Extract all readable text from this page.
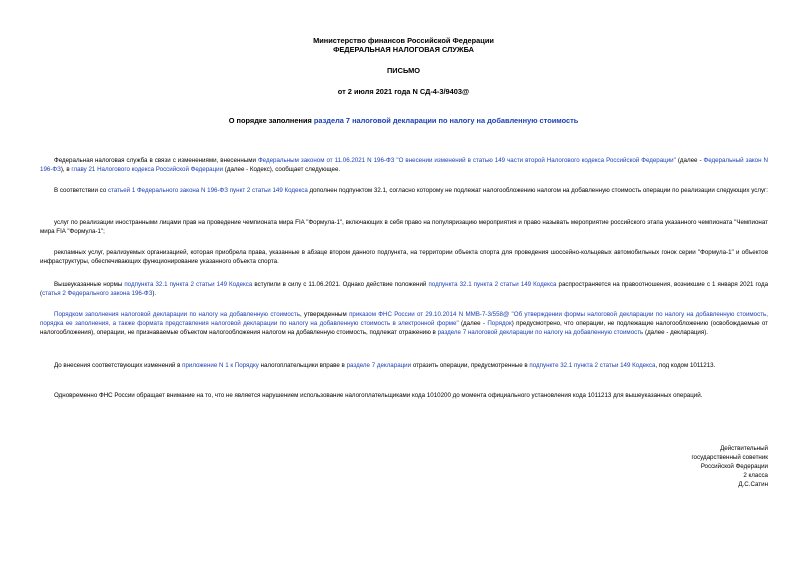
Министерство финансов Российской Федерации
ФЕДЕРАЛЬНАЯ НАЛОГОВАЯ СЛУЖБА
ПИСЬМО
от 2 июля 2021 года N СД-4-3/9403@
О порядке заполнения раздела 7 налоговой декларации по налогу на добавленную стоимость
Федеральная налоговая служба в связи с изменениями, внесенными Федеральным законом от 11.06.2021 N 196-ФЗ "О внесении изменений в статью 149 части второй Налогового кодекса Российской Федерации" (далее - Федеральный закон N 196-ФЗ), в главу 21 Налогового кодекса Российской Федерации (далее - Кодекс), сообщает следующее.
В соответствии со статьей 1 Федерального закона N 196-ФЗ пункт 2 статьи 149 Кодекса дополнен подпунктом 32.1, согласно которому не подлежат налогообложению налогом на добавленную стоимость операции по реализации следующих услуг:
услуг по реализации иностранными лицами прав на проведение чемпионата мира FIA "Формула-1", включающих в себя право на популяризацию мероприятия и право называть мероприятие российского этапа указанного чемпионата "Чемпионат мира FIA "Формула-1";
рекламных услуг, реализуемых организацией, которая приобрела права, указанные в абзаце втором данного подпункта, на территории объекта спорта для проведения шоссейно-кольцевых автомобильных гонок серии "Формула-1" и объектов инфраструктуры, обеспечивающих функционирование указанного объекта спорта.
Вышеуказанные нормы подпункта 32.1 пункта 2 статьи 149 Кодекса вступили в силу с 11.06.2021. Однако действие положений подпункта 32.1 пункта 2 статьи 149 Кодекса распространяется на правоотношения, возникшие с 1 января 2021 года (статья 2 Федерального закона 196-ФЗ).
Порядком заполнения налоговой декларации по налогу на добавленную стоимость, утвержденным приказом ФНС России от 29.10.2014 N ММВ-7-3/558@ "Об утверждении формы налоговой декларации по налогу на добавленную стоимость, порядка ее заполнения, а также формата представления налоговой декларации по налогу на добавленную стоимость в электронной форме" (далее - Порядок) предусмотрено, что операции, не подлежащие налогообложению (освобождаемые от налогообложения), операции, не признаваемые объектом налогообложения налогом на добавленную стоимость, подлежат отражению в разделе 7 налоговой декларации по налогу на добавленную стоимость (далее - декларация).
До внесения соответствующих изменений в приложение N 1 к Порядку налогоплательщики вправе в разделе 7 декларации отразить операции, предусмотренные в подпункте 32.1 пункта 2 статьи 149 Кодекса, под кодом 1011213.
Одновременно ФНС России обращает внимание на то, что не является нарушением использование налогоплательщиками кода 1010200 до момента официального установления кода 1011213 для вышеуказанных операций.
Действительный
государственный советник
Российской Федерации
2 класса
Д.С.Сатин
